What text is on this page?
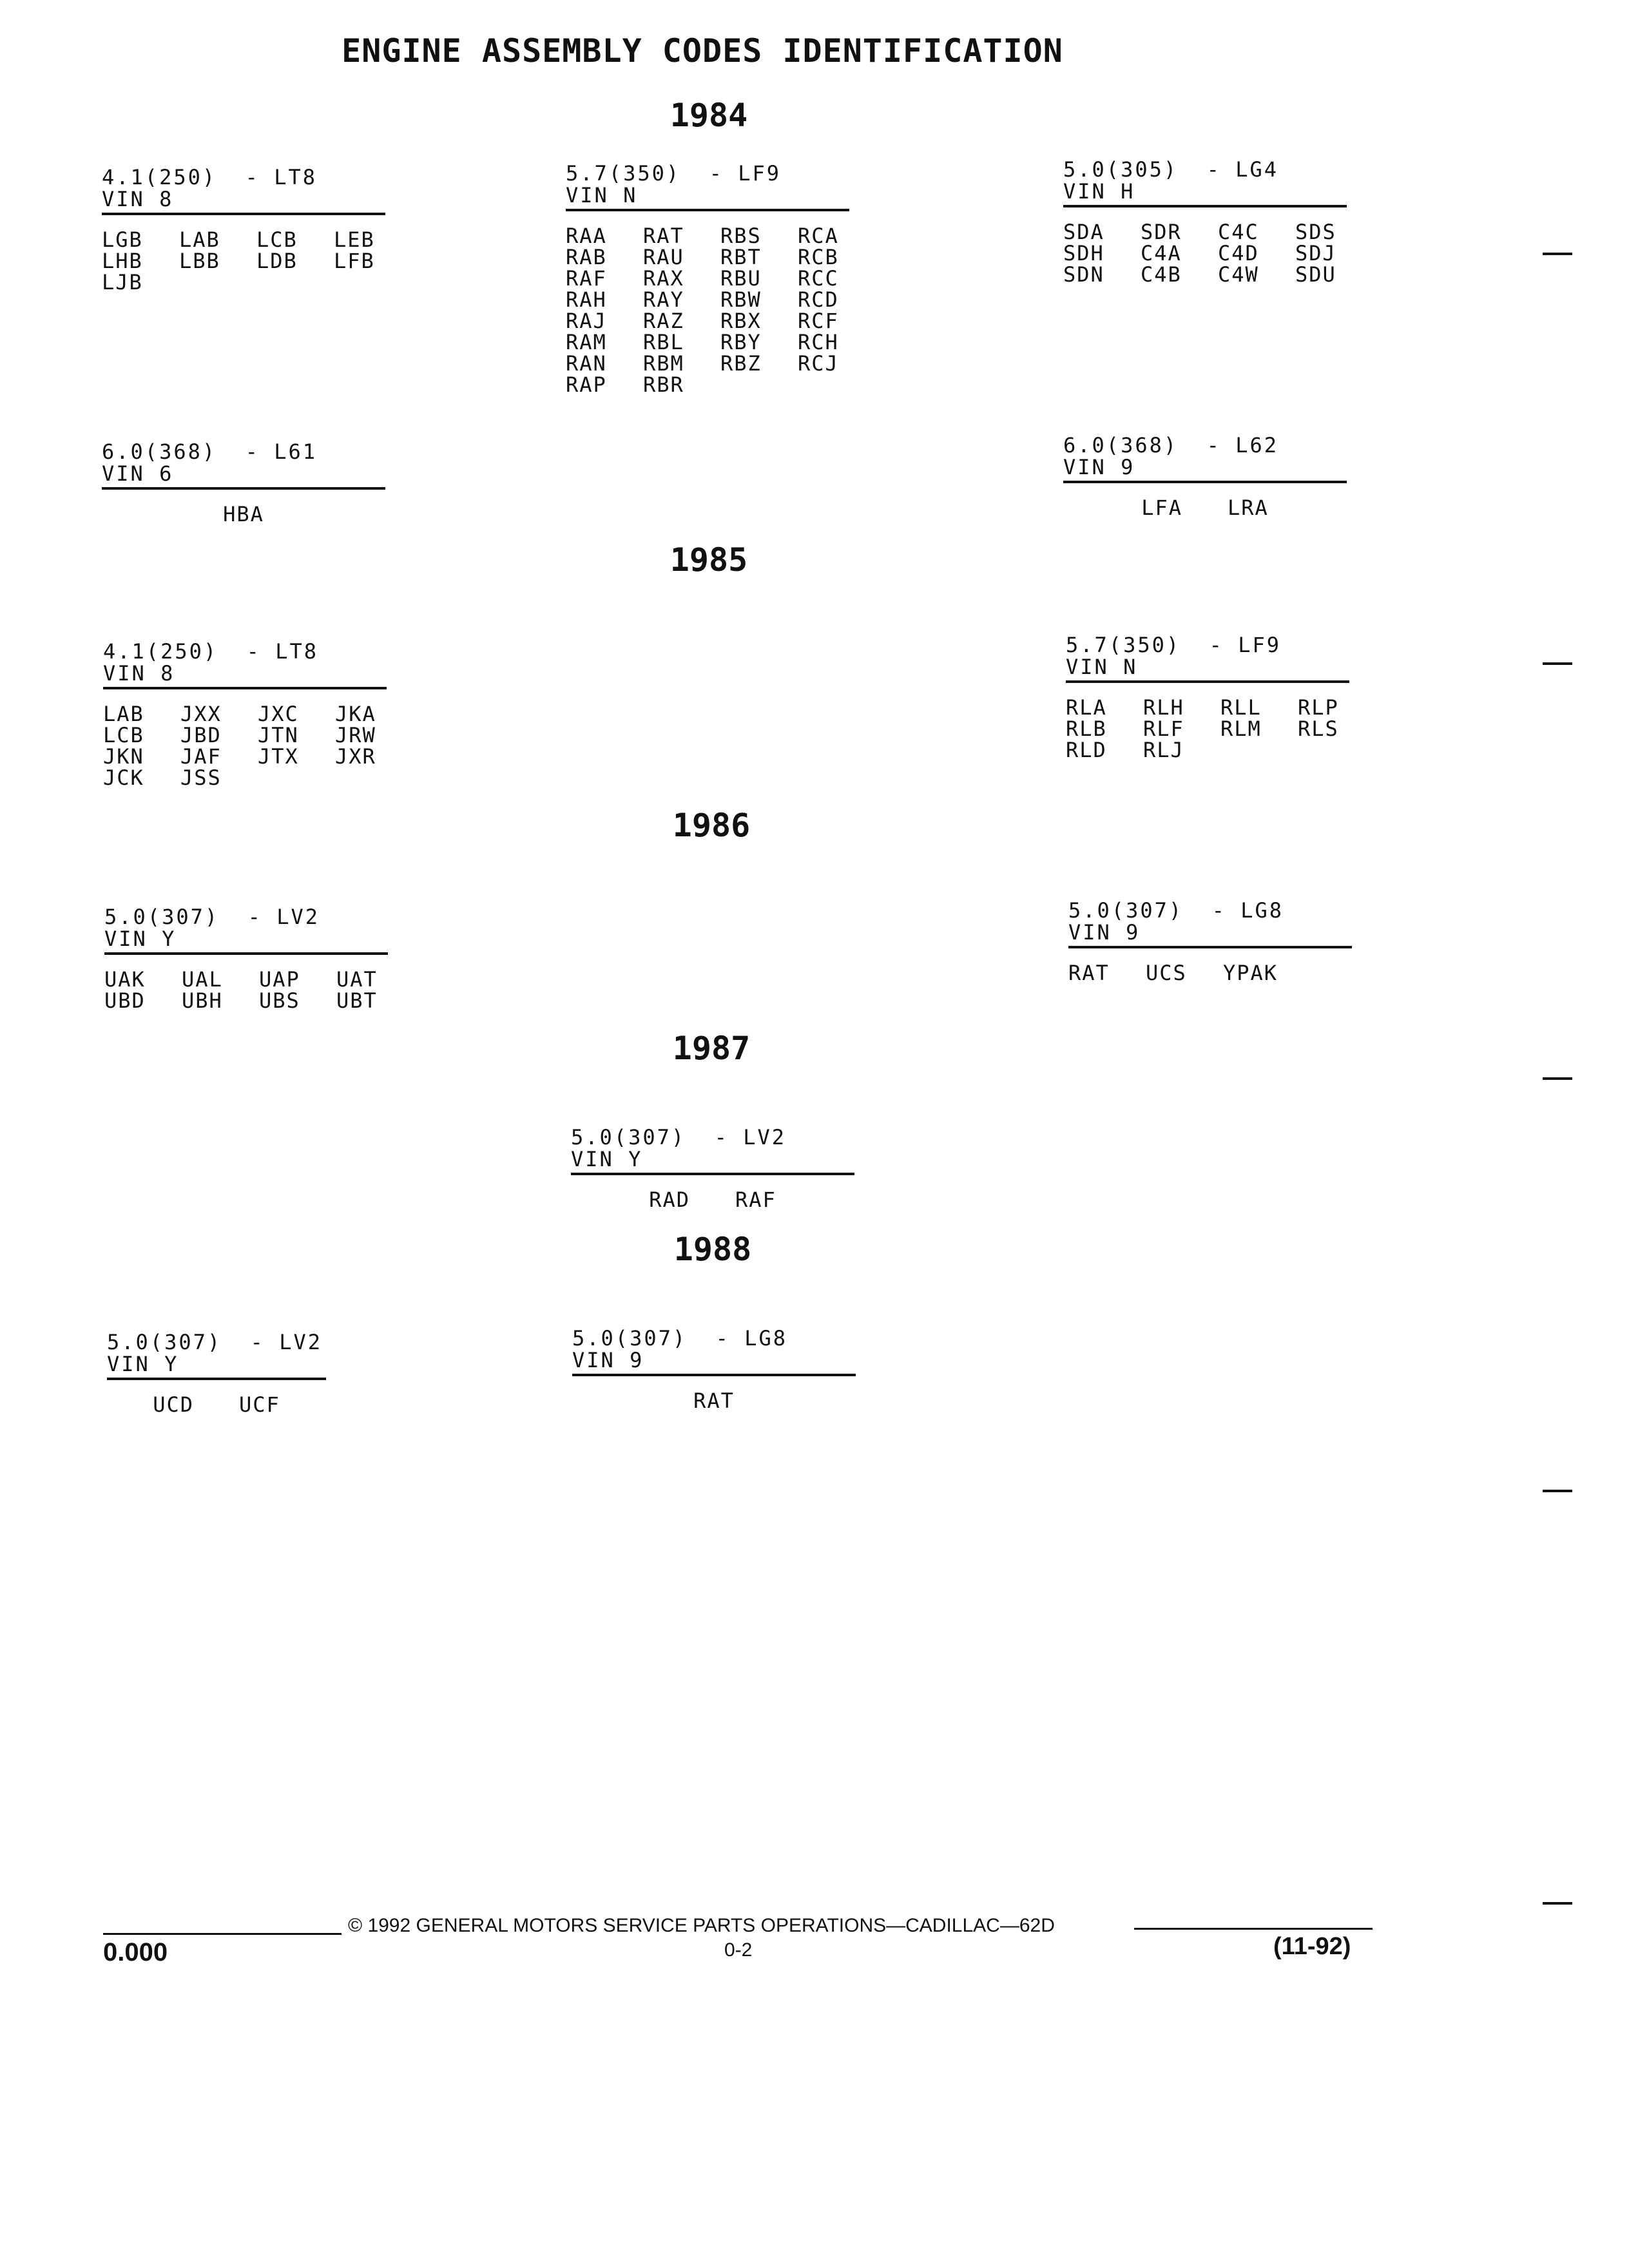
ENGINE ASSEMBLY CODES IDENTIFICATION
1984
1985
1986
1987
1988
4.1(250)  - LT8
VIN 8
LGB	LAB	LCB	LEB
LHB	LBB	LDB	LFB
LJB
5.7(350)  - LF9
VIN N
RAA	RAT	RBS	RCA
RAB	RAU	RBT	RCB
RAF	RAX	RBU	RCC
RAH	RAY	RBW	RCD
RAJ	RAZ	RBX	RCF
RAM	RBL	RBY	RCH
RAN	RBM	RBZ	RCJ
RAP	RBR
5.0(305)  - LG4
VIN H
SDA	SDR	C4C	SDS
SDH	C4A	C4D	SDJ
SDN	C4B	C4W	SDU
6.0(368)  - L61
VIN 6
HBA
6.0(368)  - L62
VIN 9
LFA LRA
4.1(250)  - LT8
VIN 8
LAB	JXX	JXC	JKA
LCB	JBD	JTN	JRW
JKN	JAF	JTX	JXR
JCK	JSS
5.7(350)  - LF9
VIN N
RLA	RLH	RLL	RLP
RLB	RLF	RLM	RLS
RLD	RLJ
5.0(307)  - LV2
VIN Y
UAK	UAL	UAP	UAT
UBD	UBH	UBS	UBT
5.0(307)  - LG8
VIN 9
RAT	UCS	YPAK
5.0(307)  - LV2
VIN Y
RAD RAF
5.0(307)  - LV2
VIN Y
UCD UCF
5.0(307)  - LG8
VIN 9
RAT
© 1992 GENERAL MOTORS SERVICE PARTS OPERATIONS—CADILLAC—62D
0.000	0-2	(11-92)
